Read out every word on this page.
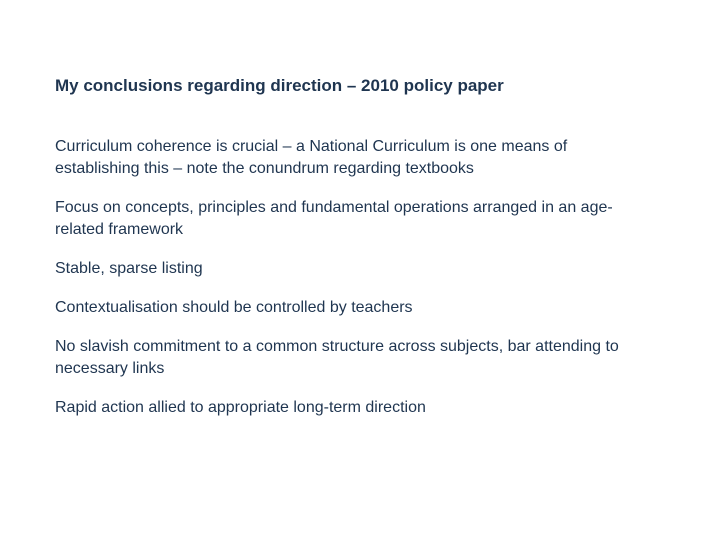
My conclusions regarding direction – 2010 policy paper
Curriculum coherence is crucial – a National Curriculum is one means of establishing this – note the conundrum regarding textbooks
Focus on concepts, principles and fundamental operations arranged in an age-related framework
Stable, sparse listing
Contextualisation should be controlled by teachers
No slavish commitment to a common structure across subjects, bar attending to necessary links
Rapid action allied to appropriate long-term direction
